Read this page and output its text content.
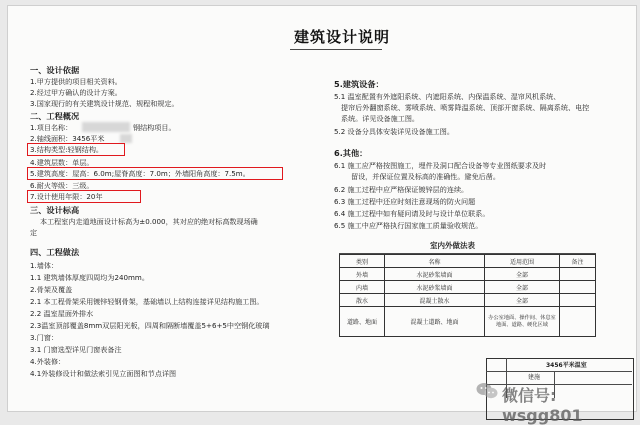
建筑设计说明
一、设计依据
1.甲方提供的项目相关资料。
2.经过甲方确认的设计方案。
3.国家现行的有关建筑设计规范、规程和规定。
二、工程概况
1.项目名称：	钢结构项目。
2.轴线面积：3456平米
3.结构类型:轻钢结构。
4.建筑层数：单层。
5.建筑高度：屋高：6.0m;屋脊高度：7.0m；外墙阳角高度：7.5m。
6.耐火等级：三级。
7.设计使用年限：20年
三、设计标高
本工程室内走道地面设计标高为±0.000，其对应的绝对标高数现场确
定
四、工程做法
1.墙体：
1.1 建筑墙体厚度四周均为240mm。
2.骨架及覆盖
2.1 本工程骨架采用镀锌轻钢骨架，基础墙以上结构连接详见结构施工图。
2.2 温室屋面外排水
2.3温室顶部覆盖8mm双层阳光板，四周和隔断墙覆盖5+6+5中空钢化玻璃
3.门窗：
3.1 门窗选型详见门窗表备注
4.外装修：
4.1外装修设计和做法索引见立面图和节点详图
5.建筑设备：
5.1 温室配置有外遮阳系统、内遮阳系统、内保温系统、湿帘风机系统、
提帘后外翻窗系统、雾喷系统、喷雾降温系统、顶部开窗系统、隔离系统、电控
系统。详见设备施工图。
5.2 设备分具体安装详见设备施工图。
6.其他：
6.1 施工应严格按图施工，埋件及洞口配合设备等专业图纸要求及时
留设，并保证位置及标高的准确性。避免后凿。
6.2 施工过程中应严格保证镀锌层的连续。
6.3 施工过程中还应时刻注意现场的防火问题
6.4 施工过程中如有疑问请及时与设计单位联系。
6.5 施工中应严格执行国家施工质量验收规范。
室内外做法表
类别	名称	适用范围	备注
外墙	水泥砂浆墙面	全部	
内墙	水泥砂浆墙面	全部	
散水	混凝土散水	全部	
道路、地面	混凝土道路、地面	办公室地面、操作间、休息室地面、道路、硬化区域	
3456平米温室
建施
微信号: wsgg801
